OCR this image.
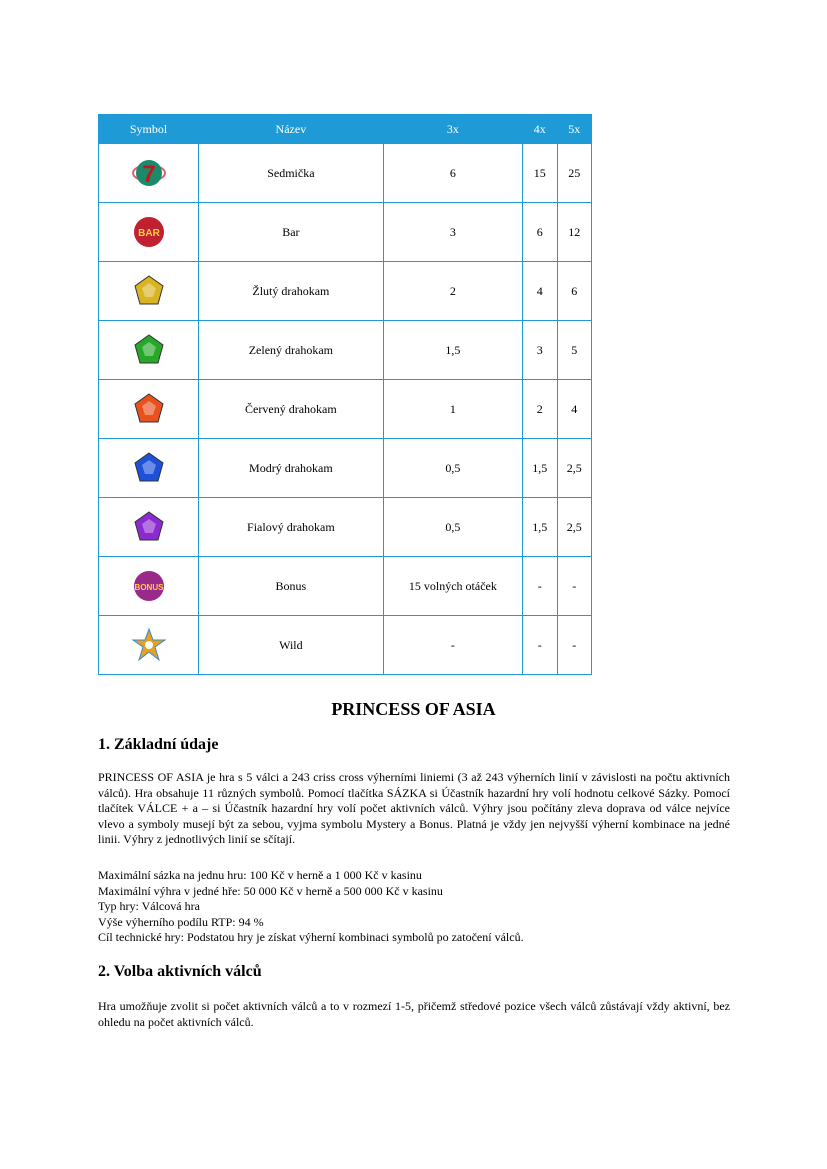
Symbol	Název	3x	4x	5x

7	Sedmička	6	15	25

BAR	Bar	3	6	12
	Žlutý drahokam	2	4	6
	Zelený drahokam	1,5	3	5
	Červený drahokam	1	2	4
	Modrý drahokam	0,5	1,5	2,5
	Fialový drahokam	0,5	1,5	2,5

BONUS	Bonus	15 volných otáček	-	-
	Wild	-	-	-
PRINCESS OF ASIA
1. Základní údaje
PRINCESS OF ASIA je hra s 5 válci a 243 criss cross výherními liniemi (3 až 243 výherních linií v závislosti na počtu aktivních válců). Hra obsahuje 11 různých symbolů. Pomocí tlačítka SÁZKA si Účastník hazardní hry volí hodnotu celkové Sázky. Pomocí tlačítek VÁLCE + a – si Účastník hazardní hry volí počet aktivních válců. Výhry jsou počítány zleva doprava od válce nejvíce vlevo a symboly musejí být za sebou, vyjma symbolu Mystery a Bonus. Platná je vždy jen nejvyšší výherní kombinace na jedné linii. Výhry z jednotlivých linií se sčítají.
Maximální sázka na jednu hru: 100 Kč v herně a 1 000 Kč v kasinu
Maximální výhra v jedné hře: 50 000 Kč v herně a 500 000 Kč v kasinu
Typ hry: Válcová hra
Výše výherního podílu RTP: 94 %
Cíl technické hry: Podstatou hry je získat výherní kombinaci symbolů po zatočení válců.
2. Volba aktivních válců
Hra umožňuje zvolit si počet aktivních válců a to v rozmezí 1-5, přičemž středové pozice všech válců zůstávají vždy aktivní, bez ohledu na počet aktivních válců.
